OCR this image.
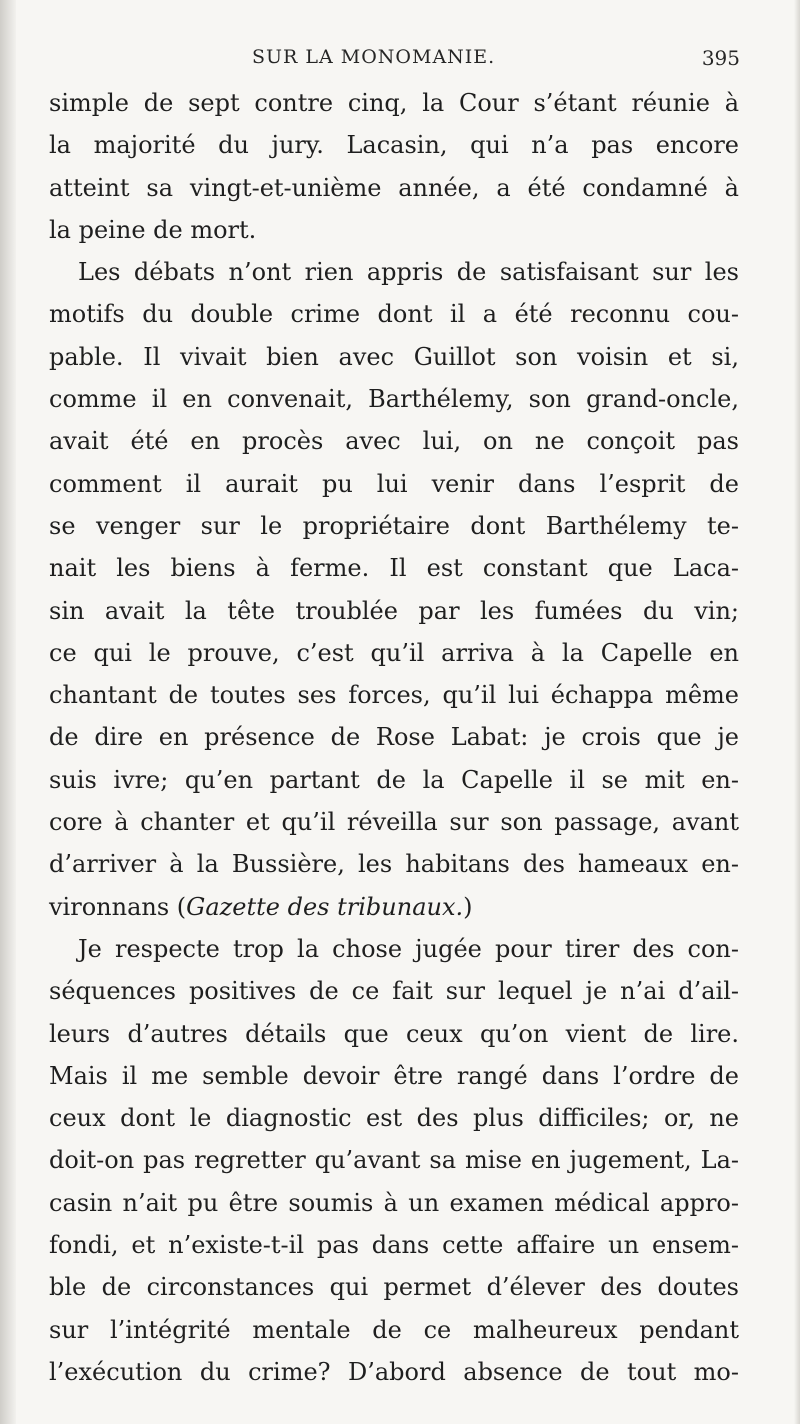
SUR LA MONOMANIE.	395
simple de sept contre cinq, la Cour s’étant réunie à
la majorité du jury. Lacasin, qui n’a pas encore
atteint sa vingt-et-unième année, a été condamné à
la peine de mort.
Les débats n’ont rien appris de satisfaisant sur les
motifs du double crime dont il a été reconnu cou-
pable. Il vivait bien avec Guillot son voisin et si,
comme il en convenait, Barthélemy, son grand-oncle,
avait été en procès avec lui, on ne conçoit pas
comment il aurait pu lui venir dans l’esprit de
se venger sur le propriétaire dont Barthélemy te-
nait les biens à ferme. Il est constant que Laca-
sin avait la tête troublée par les fumées du vin;
ce qui le prouve, c’est qu’il arriva à la Capelle en
chantant de toutes ses forces, qu’il lui échappa même
de dire en présence de Rose Labat: je crois que je
suis ivre; qu’en partant de la Capelle il se mit en-
core à chanter et qu’il réveilla sur son passage, avant
d’arriver à la Bussière, les habitans des hameaux en-
vironnans (Gazette des tribunaux.)
Je respecte trop la chose jugée pour tirer des con-
séquences positives de ce fait sur lequel je n’ai d’ail-
leurs d’autres détails que ceux qu’on vient de lire.
Mais il me semble devoir être rangé dans l’ordre de
ceux dont le diagnostic est des plus difficiles; or, ne
doit-on pas regretter qu’avant sa mise en jugement, La-
casin n’ait pu être soumis à un examen médical appro-
fondi, et n’existe-t-il pas dans cette affaire un ensem-
ble de circonstances qui permet d’élever des doutes
sur l’intégrité mentale de ce malheureux pendant
l’exécution du crime? D’abord absence de tout mo-
